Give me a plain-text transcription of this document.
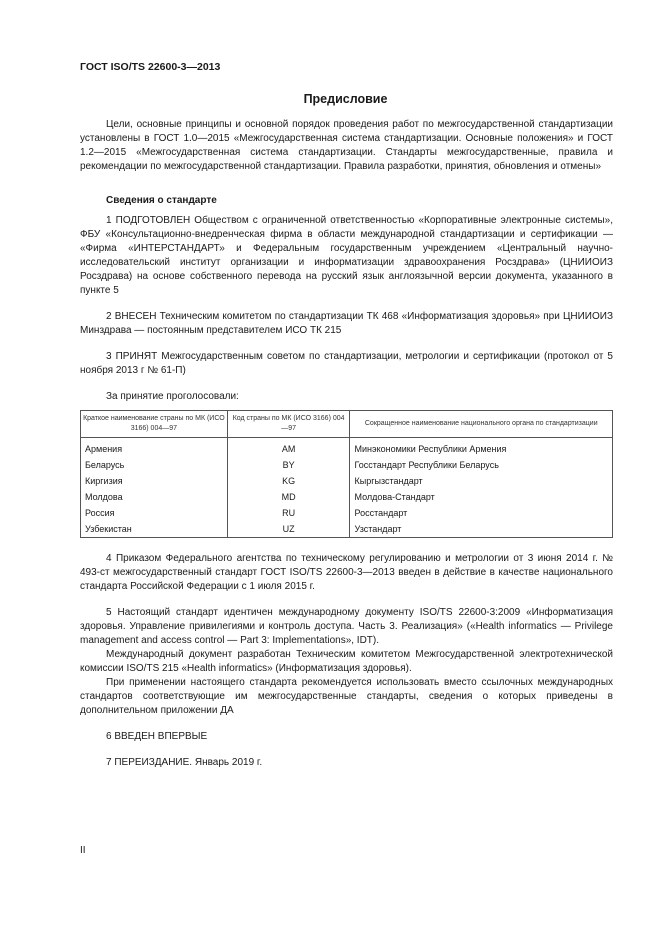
ГОСТ ISO/TS 22600-3—2013
Предисловие

Цели, основные принципы и основной порядок проведения работ по межгосударственной стандартизации установлены в ГОСТ 1.0—2015 «Межгосударственная система стандартизации. Основные положения» и ГОСТ 1.2—2015 «Межгосударственная система стандартизации. Стандарты межгосударственные, правила и рекомендации по межгосударственной стандартизации. Правила разработки, принятия, обновления и отмены»

Сведения о стандарте

1 ПОДГОТОВЛЕН Обществом с ограниченной ответственностью «Корпоративные электронные системы», ФБУ «Консультационно-внедренческая фирма в области международной стандартизации и сертификации — «Фирма «ИНТЕРСТАНДАРТ» и Федеральным государственным учреждением «Центральный научно-исследовательский институт организации и информатизации здравоохранения Росздрава» (ЦНИИОИЗ Росздрава) на основе собственного перевода на русский язык англоязычной версии документа, указанного в пункте 5

2 ВНЕСЕН Техническим комитетом по стандартизации ТК 468 «Информатизация здоровья» при ЦНИИОИЗ Минздрава — постоянным представителем ИСО ТК 215

3 ПРИНЯТ Межгосударственным советом по стандартизации, метрологии и сертификации (протокол от 5 ноября 2013 г № 61-П)

За принятие проголосовали:

Краткое наименование страны по МК (ИСО 3166) 004—97	Код страны по МК (ИСО 3166) 004—97	Сокращенное наименование национального органа по стандартизации
Армения	AM	Минэкономики Республики Армения
Беларусь	BY	Госстандарт Республики Беларусь
Киргизия	KG	Кыргызстандарт
Молдова	MD	Молдова-Стандарт
Россия	RU	Росстандарт
Узбекистан	UZ	Узстандарт

4 Приказом Федерального агентства по техническому регулированию и метрологии от 3 июня 2014 г. № 493-ст межгосударственный стандарт ГОСТ ISO/TS 22600-3—2013 введен в действие в качестве национального стандарта Российской Федерации с 1 июля 2015 г.

5 Настоящий стандарт идентичен международному документу ISO/TS 22600-3:2009 «Информатизация здоровья. Управление привилегиями и контроль доступа. Часть 3. Реализация» («Health informatics — Privilege management and access control — Part 3: Implementations», IDT).

Международный документ разработан Техническим комитетом Межгосударственной электротехнической комиссии ISO/TS 215 «Health informatics» (Информатизация здоровья).

При применении настоящего стандарта рекомендуется использовать вместо ссылочных международных стандартов соответствующие им межгосударственные стандарты, сведения о которых приведены в дополнительном приложении ДА

6 ВВЕДЕН ВПЕРВЫЕ

7 ПЕРЕИЗДАНИЕ. Январь 2019 г.

II
